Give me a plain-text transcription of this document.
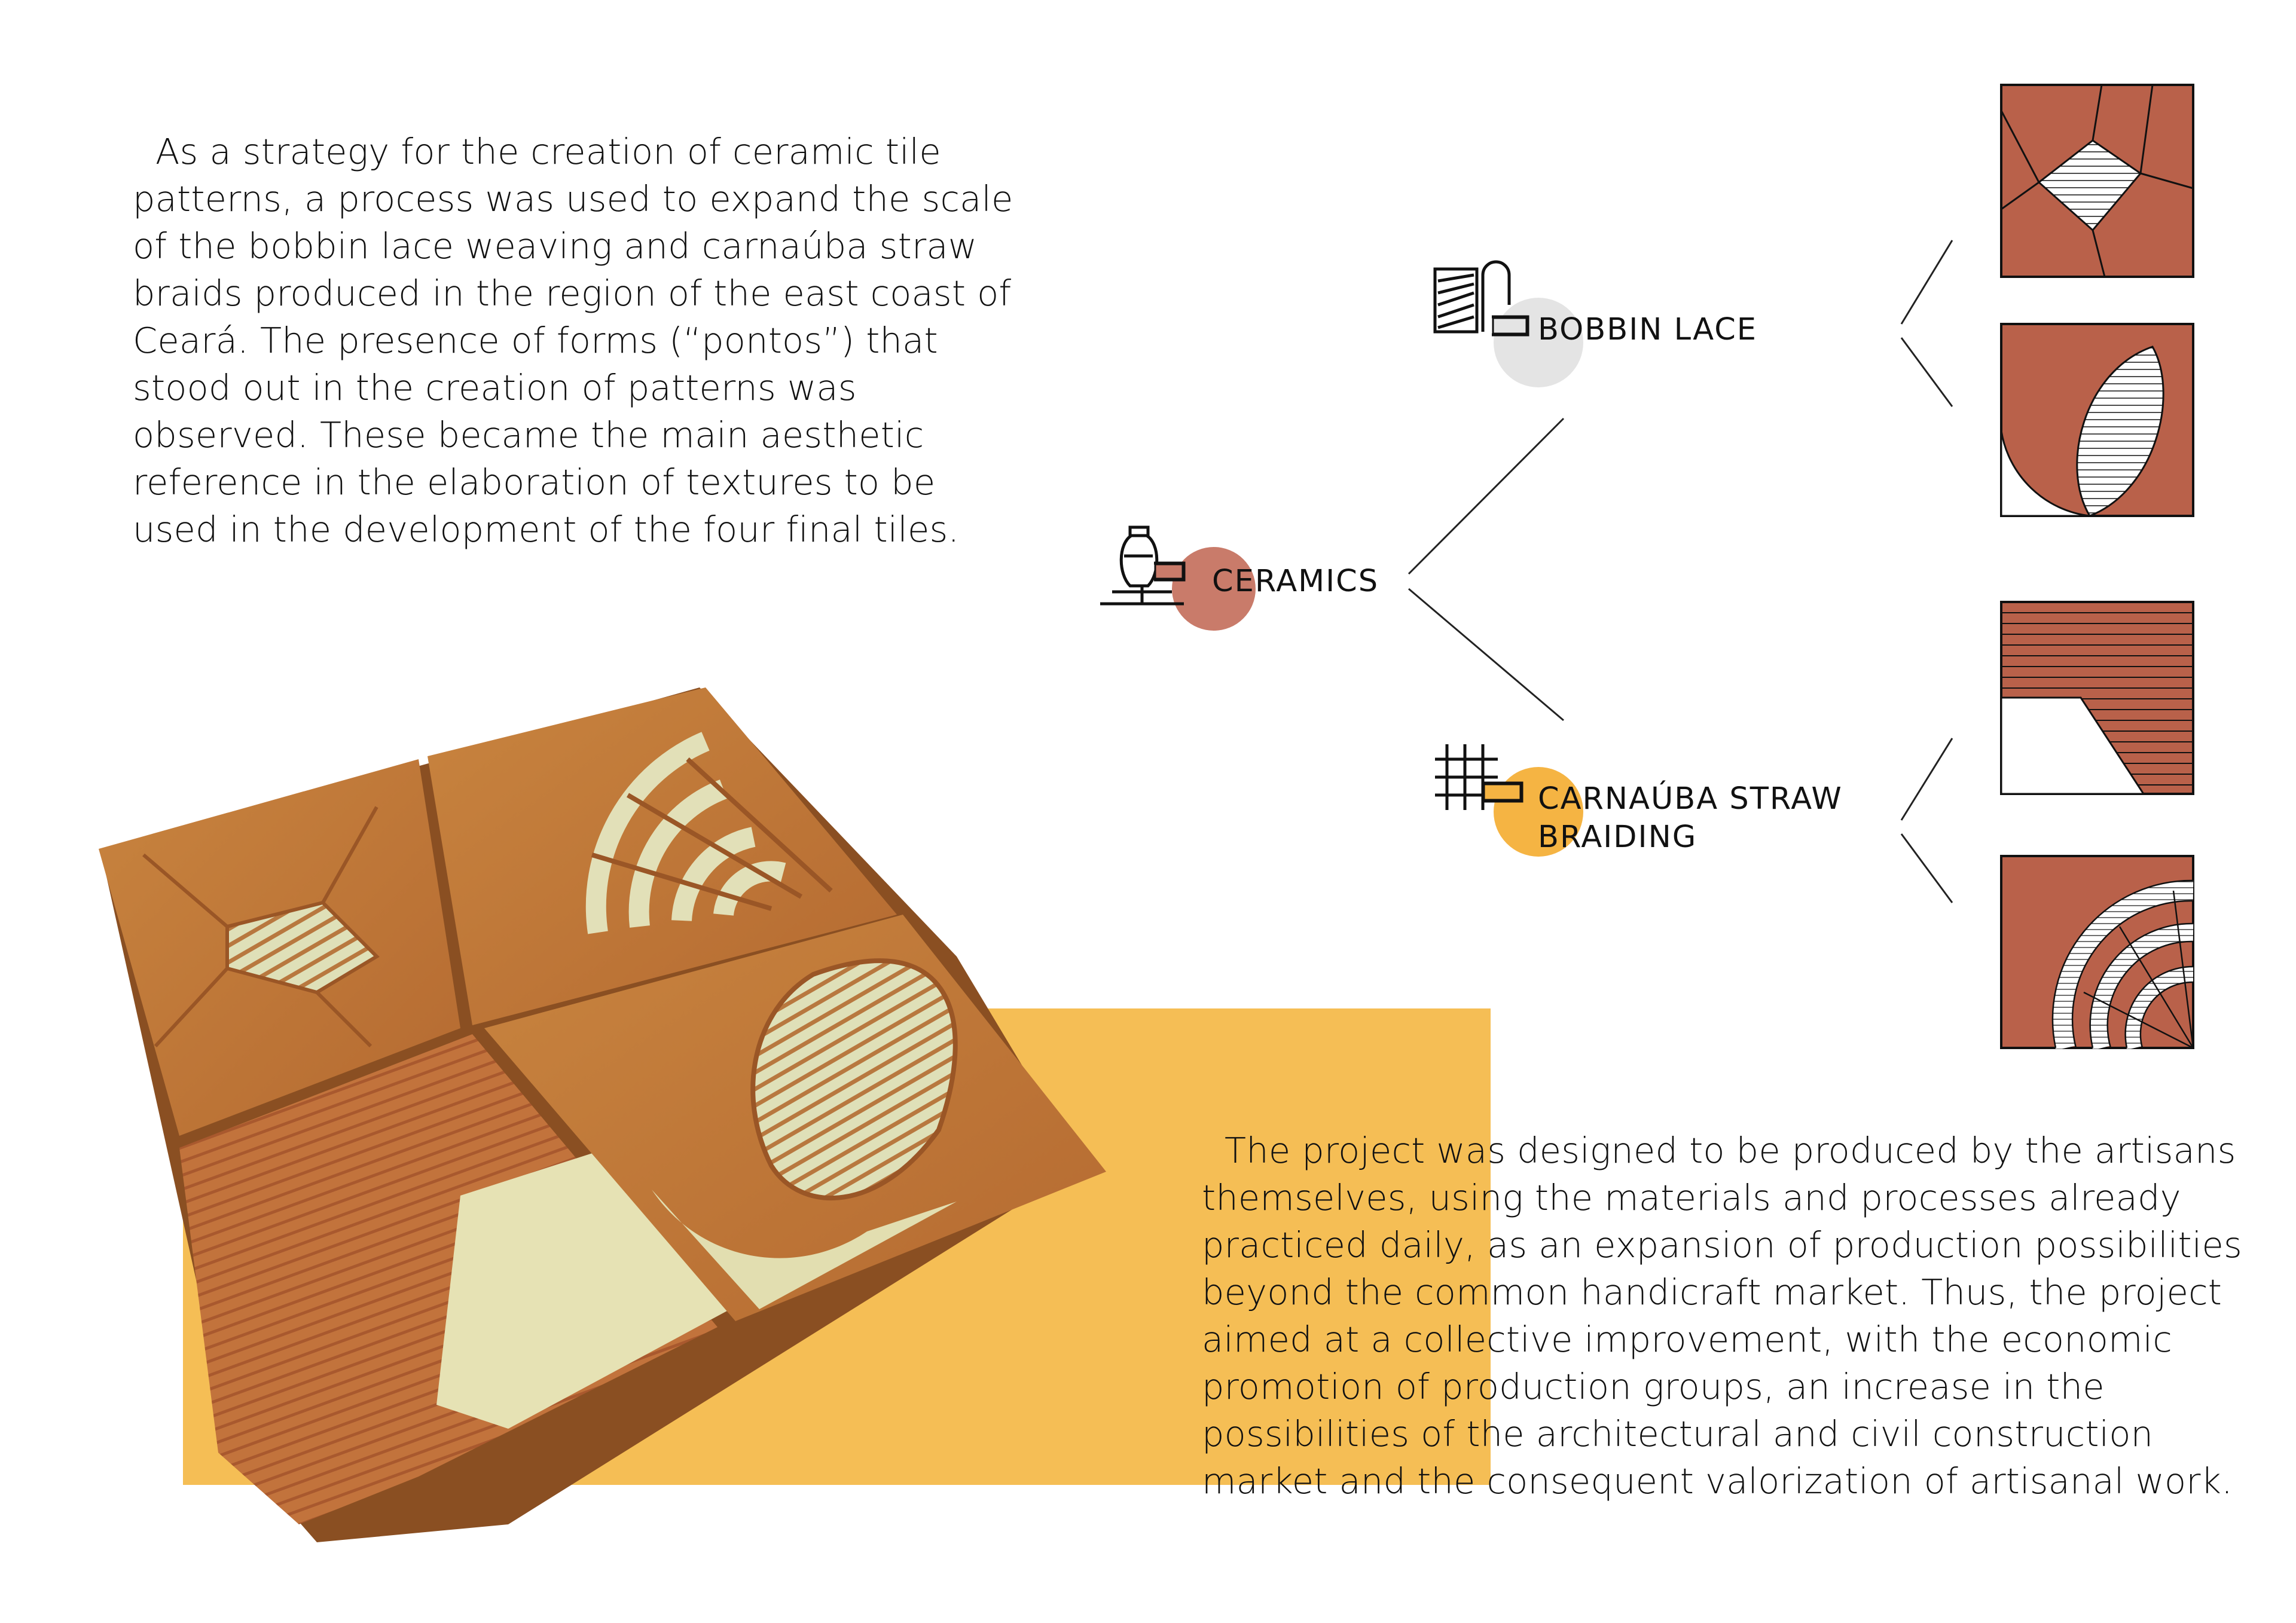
As a strategy for the creation of ceramic tile patterns, a process was used to expand the scale of the bobbin lace weaving and carnaúba straw braids produced in the region of the east coast of Ceará. The presence of forms (“pontos”) that stood out in the creation of patterns was observed. These became the main aesthetic reference in the elaboration of textures to be used in the development of the four final tiles.
CERAMICS
BOBBIN LACE
CARNAÚBA STRAW
BRAIDING
The project was designed to be produced by the artisans themselves, using the materials and processes already practiced daily, as an expansion of production possibilities beyond the common handicraft market. Thus, the project aimed at a collective improvement, with the economic promotion of production groups, an increase in the possibilities of the architectural and civil construction market and the consequent valorization of artisanal work.
